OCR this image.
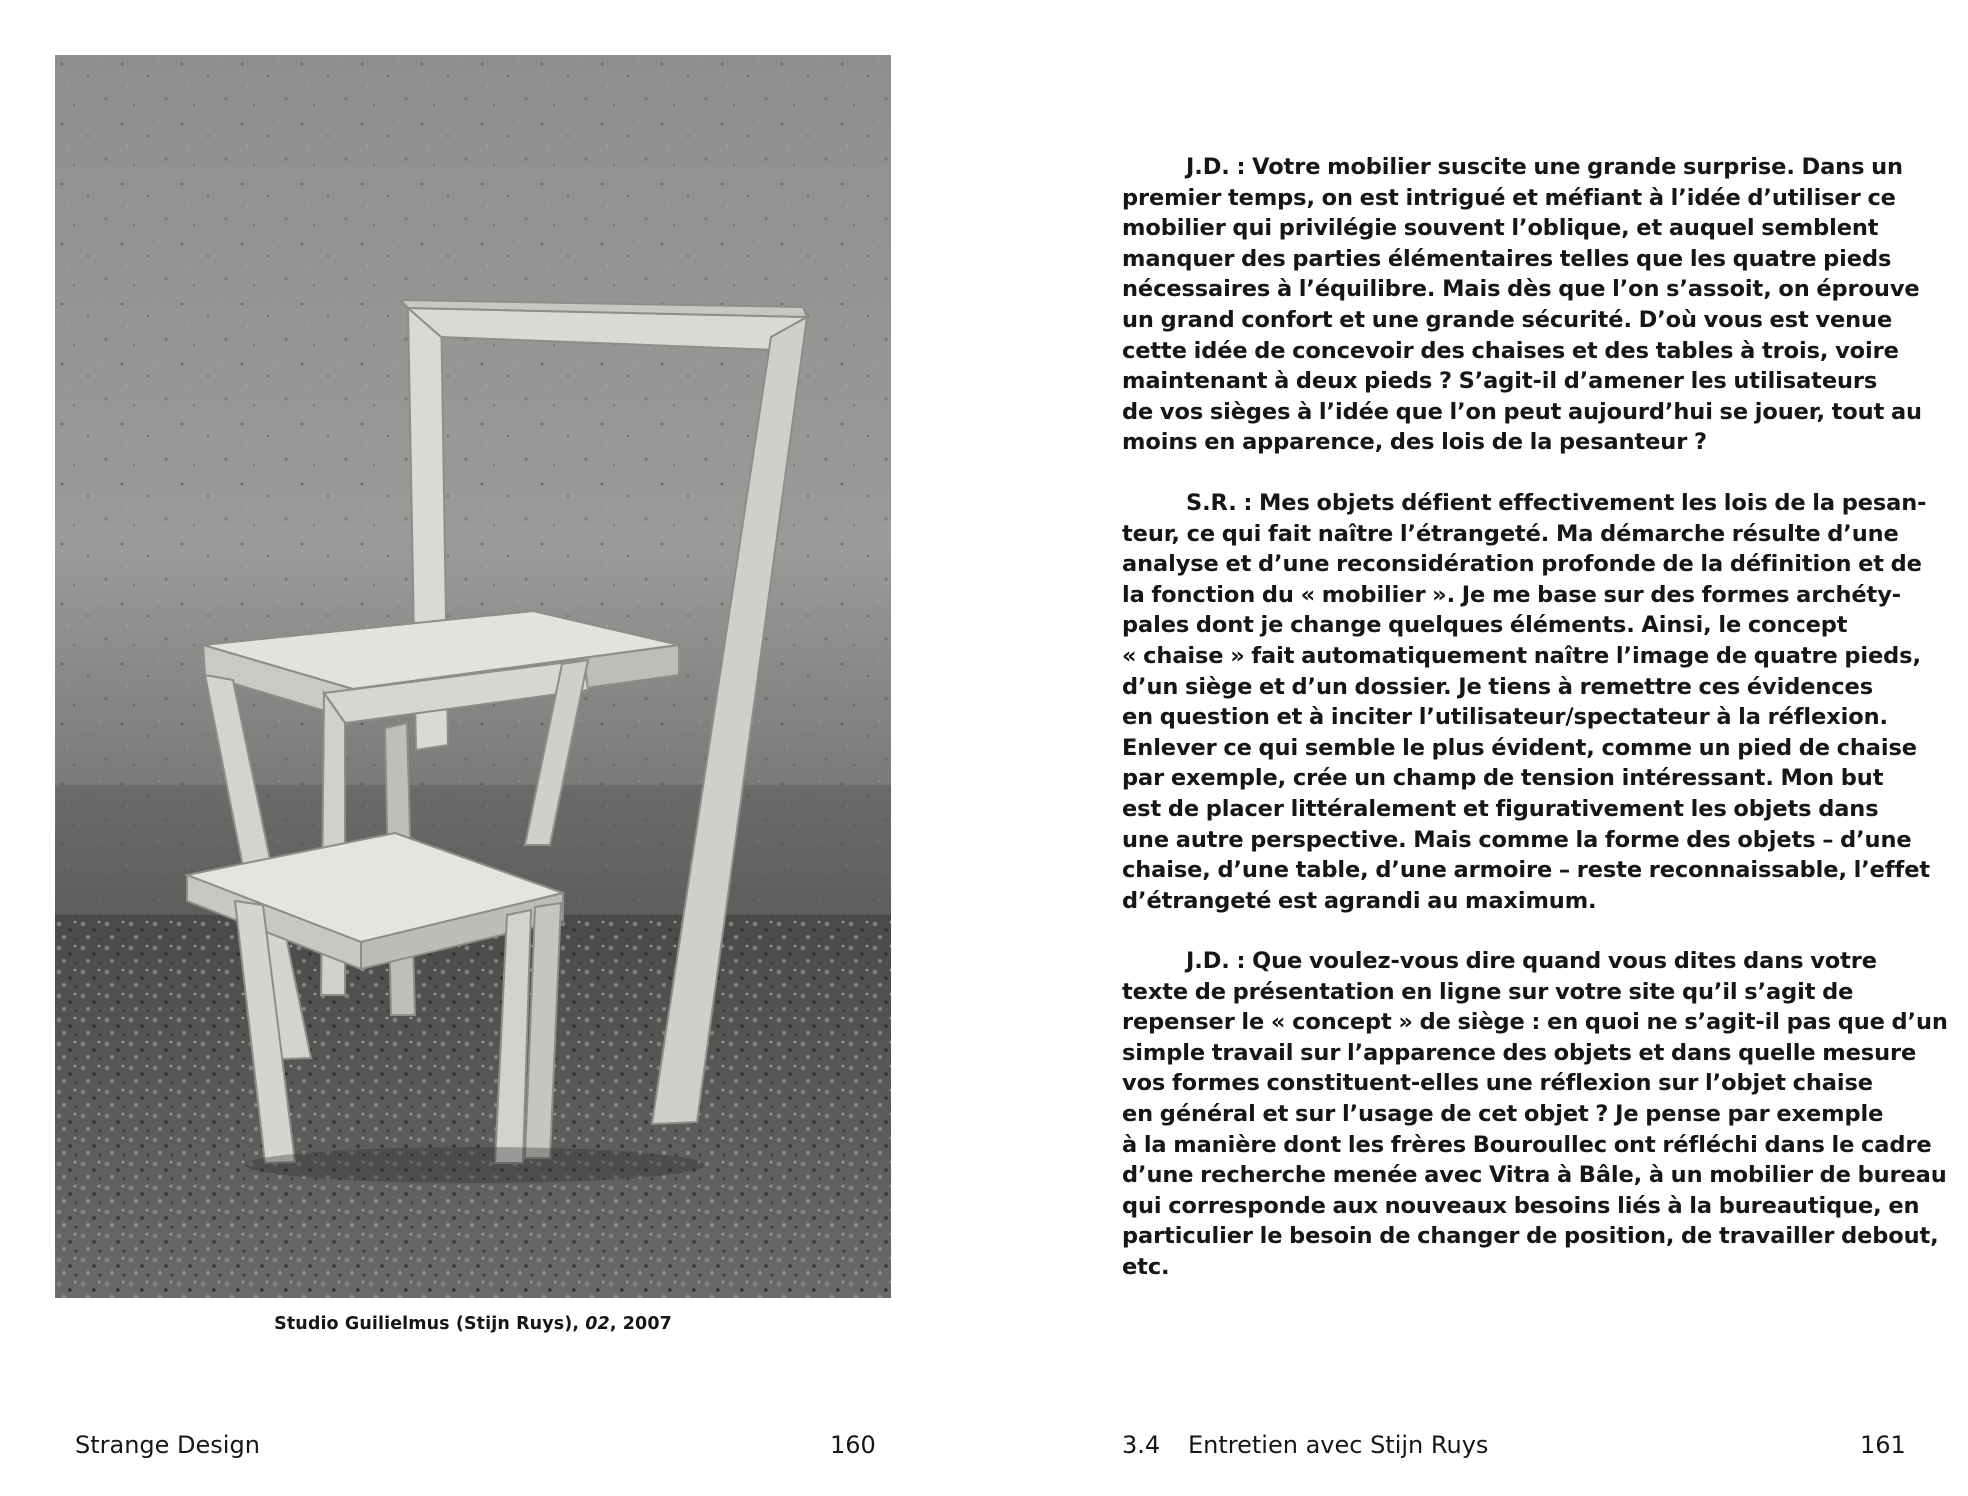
Studio Guilielmus (Stijn Ruys), 02, 2007
Strange Design	160
J.D. : Votre mobilier suscite une grande surprise. Dans un
premier temps, on est intrigué et méfiant à l’idée d’utiliser ce
mobilier qui privilégie souvent l’oblique, et auquel semblent
manquer des parties élémentaires telles que les quatre pieds
nécessaires à l’équilibre. Mais dès que l’on s’assoit, on éprouve
un grand confort et une grande sécurité. D’où vous est venue
cette idée de concevoir des chaises et des tables à trois, voire
maintenant à deux pieds ? S’agit-il d’amener les utilisateurs
de vos sièges à l’idée que l’on peut aujourd’hui se jouer, tout au
moins en apparence, des lois de la pesanteur ?
S.R. : Mes objets défient effectivement les lois de la pesan-
teur, ce qui fait naître l’étrangeté. Ma démarche résulte d’une
analyse et d’une reconsidération profonde de la définition et de
la fonction du « mobilier ». Je me base sur des formes archéty-
pales dont je change quelques éléments. Ainsi, le concept
« chaise » fait automatiquement naître l’image de quatre pieds,
d’un siège et d’un dossier. Je tiens à remettre ces évidences
en question et à inciter l’utilisateur/spectateur à la réflexion.
Enlever ce qui semble le plus évident, comme un pied de chaise
par exemple, crée un champ de tension intéressant. Mon but
est de placer littéralement et figurativement les objets dans
une autre perspective. Mais comme la forme des objets – d’une
chaise, d’une table, d’une armoire – reste reconnaissable, l’effet
d’étrangeté est agrandi au maximum.
J.D. : Que voulez-vous dire quand vous dites dans votre
texte de présentation en ligne sur votre site qu’il s’agit de
repenser le « concept » de siège : en quoi ne s’agit-il pas que d’un
simple travail sur l’apparence des objets et dans quelle mesure
vos formes constituent-elles une réflexion sur l’objet chaise
en général et sur l’usage de cet objet ? Je pense par exemple
à la manière dont les frères Bouroullec ont réfléchi dans le cadre
d’une recherche menée avec Vitra à Bâle, à un mobilier de bureau
qui corresponde aux nouveaux besoins liés à la bureautique, en
particulier le besoin de changer de position, de travailler debout,
etc.
3.4 Entretien avec Stijn Ruys	161
